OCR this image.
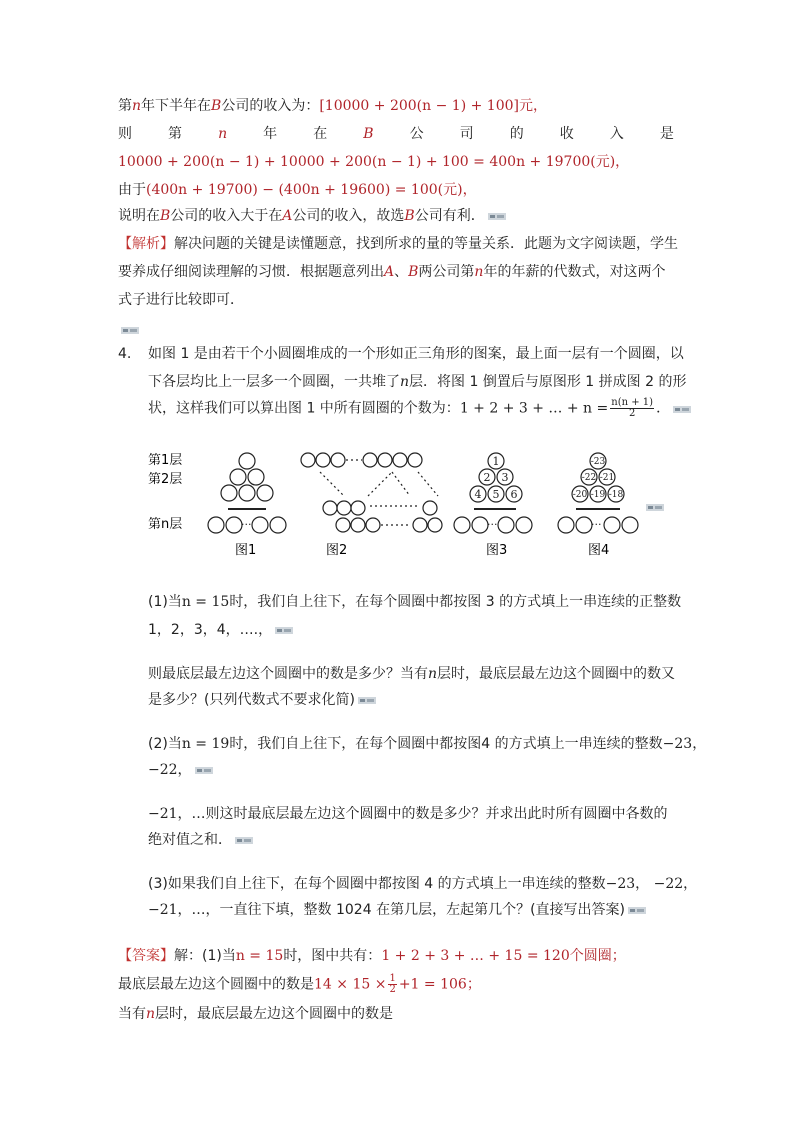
第n年下半年在B公司的收入为：[10000 + 200(n − 1) + 100]元，
则	第	n	年	在	B	公	司	的	收	入	是
10000 + 200(n − 1) + 10000 + 200(n − 1) + 100 = 400n + 19700(元)，
由于(400n + 19700) − (400n + 19600) = 100(元)，
说明在B公司的收入大于在A公司的收入，故选B公司有利．
【解析】解决问题的关键是读懂题意，找到所求的量的等量关系．此题为文字阅读题，学生
要养成仔细阅读理解的习惯．根据题意列出A、B两公司第n年的年薪的代数式，对这两个
式子进行比较即可．
4. 如图 1 是由若干个小圆圈堆成的一个形如正三角形的图案，最上面一层有一个圆圈，以
下各层均比上一层多一个圆圈，一共堆了n层．将图 1 倒置后与原图形 1 拼成图 2 的形
状，这样我们可以算出图 1 中所有圆圈的个数为：1 + 2 + 3 + … + $n = \frac{n(n + 1)}{2}$ ．
第1层
第2层
第n层	···
图1	图2
···
1
2 3
4 5 6
图3
···
-23
-22 -21
-20 -19 -18
图4
(1)当n = 15时，我们自上往下，在每个圆圈中都按图 3 的方式填上一串连续的正整数
1，2，3，4，….，
则最底层最左边这个圆圈中的数是多少？当有n层时，最底层最左边这个圆圈中的数又
是多少？(只列代数式不要求化简)
(2)当n = 19时，我们自上往下，在每个圆圈中都按图4 的方式填上一串连续的整数−23，
−22，
−21，…则这时最底层最左边这个圆圈中的数是多少？并求出此时所有圆圈中各数的
绝对值之和．
(3)如果我们自上往下，在每个圆圈中都按图 4 的方式填上一串连续的整数−23， −22，
−21，…，一直往下填，整数 1024 在第几层，左起第几个？(直接写出答案)
【答案】解：(1)当n = 15时，图中共有：1 + 2 + 3 + … + 15 = 120个圆圈；
最底层最左边这个圆圈中的数是$14 \times 15 \times \frac{1}{2} +1 = 106$；
当有n层时，最底层最左边这个圆圈中的数是
